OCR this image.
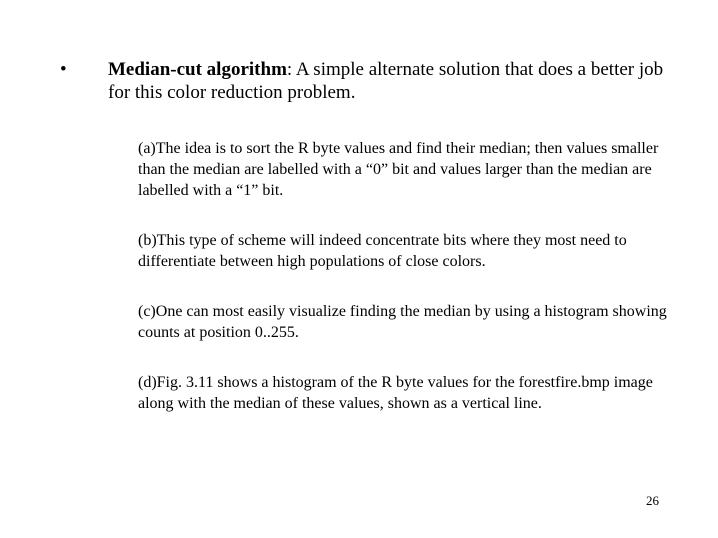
• Median-cut algorithm: A simple alternate solution that does a better job for this color reduction problem.
(a)The idea is to sort the R byte values and find their median; then values smaller than the median are labelled with a “0” bit and values larger than the median are labelled with a “1” bit.
(b)This type of scheme will indeed concentrate bits where they most need to differentiate between high populations of close colors.
(c)One can most easily visualize finding the median by using a histogram showing counts at position 0..255.
(d)Fig. 3.11 shows a histogram of the R byte values for the forestfire.bmp image along with the median of these values, shown as a vertical line.
26
